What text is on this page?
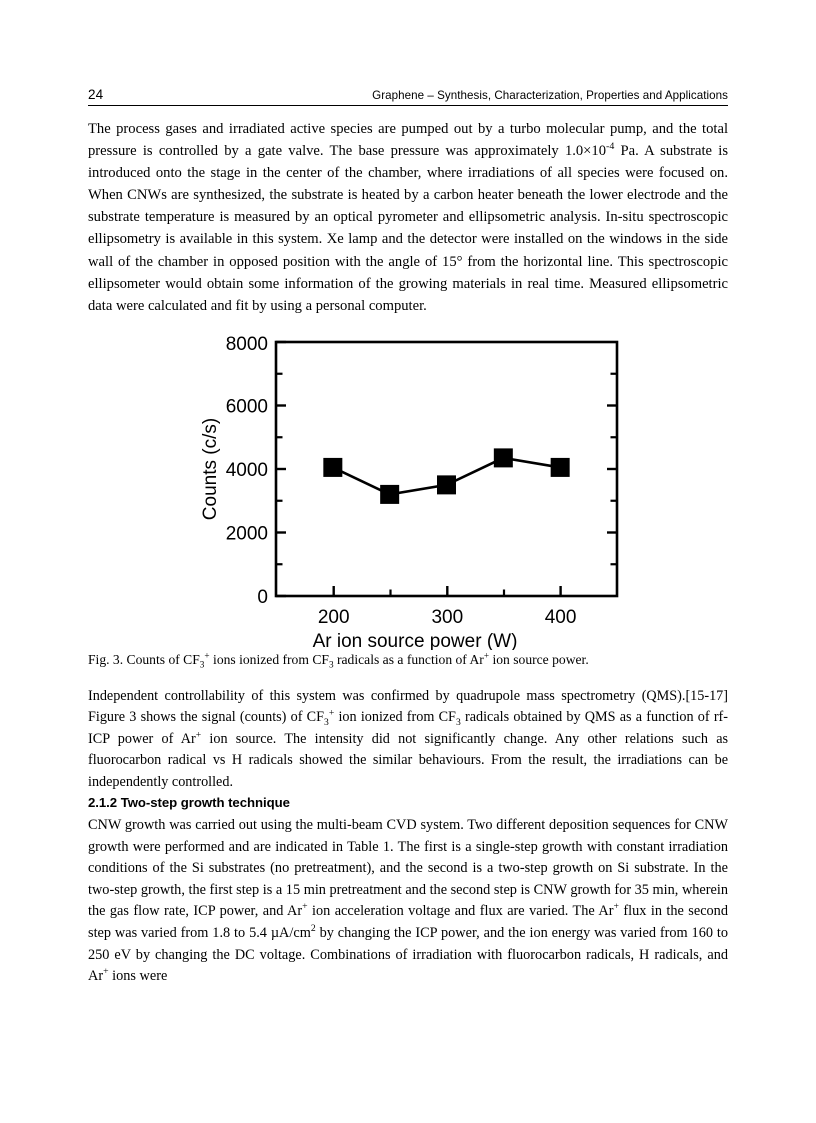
24	Graphene – Synthesis, Characterization, Properties and Applications
The process gases and irradiated active species are pumped out by a turbo molecular pump, and the total pressure is controlled by a gate valve. The base pressure was approximately $1.0\times 10^{-4}$ Pa. A substrate is introduced onto the stage in the center of the chamber, where irradiations of all species were focused on. When CNWs are synthesized, the substrate is heated by a carbon heater beneath the lower electrode and the substrate temperature is measured by an optical pyrometer and ellipsometric analysis. In-situ spectroscopic ellipsometry is available in this system. Xe lamp and the detector were installed on the windows in the side wall of the chamber in opposed position with the angle of 15° from the horizontal line. This spectroscopic ellipsometer would obtain some information of the growing materials in real time. Measured ellipsometric data were calculated and fit by using a personal computer.
0
2000
4000
6000
8000
200	300	400
Ar ion source power (W)
Counts (c/s)
Fig. 3. Counts of $CF_3^+$ ions ionized from $CF_3$ radicals as a function of Ar+ ion source power.
Independent controllability of this system was confirmed by quadrupole mass spectrometry (QMS).[15-17] Figure 3 shows the signal (counts) of $CF_3^+$ ion ionized from $CF_3$ radicals obtained by QMS as a function of rf-ICP power of Ar+ ion source. The intensity did not significantly change. Any other relations such as fluorocarbon radical vs H radicals showed the similar behaviours. From the result, the irradiations can be independently controlled.
2.1.2 Two-step growth technique
CNW growth was carried out using the multi-beam CVD system. Two different deposition sequences for CNW growth were performed and are indicated in Table 1. The first is a single-step growth with constant irradiation conditions of the Si substrates (no pretreatment), and the second is a two-step growth on Si substrate. In the two-step growth, the first step is a 15 min pretreatment and the second step is CNW growth for 35 min, wherein the gas flow rate, ICP power, and Ar+ ion acceleration voltage and flux are varied. The Ar+ flux in the second step was varied from 1.8 to 5.4 $\mu A/cm^2$ by changing the ICP power, and the ion energy was varied from 160 to 250 eV by changing the DC voltage. Combinations of irradiation with fluorocarbon radicals, H radicals, and Ar+ ions were
